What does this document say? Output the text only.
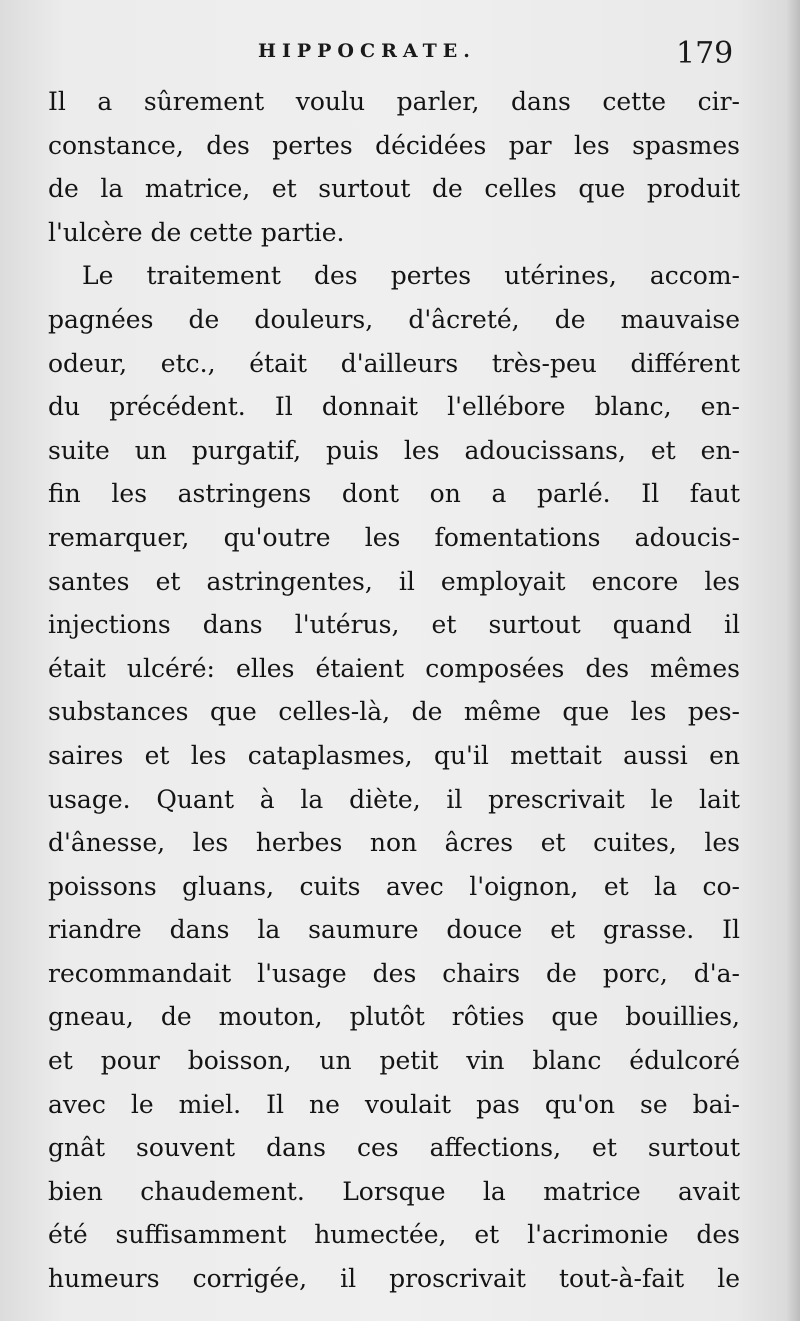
HIPPOCRATE.	179
Il a sûrement voulu parler, dans cette cir-
constance, des pertes décidées par les spasmes
de la matrice, et surtout de celles que produit
l'ulcère de cette partie.
Le traitement des pertes utérines, accom-
pagnées de douleurs, d'âcreté, de mauvaise
odeur, etc., était d'ailleurs très-peu différent
du précédent. Il donnait l'ellébore blanc, en-
suite un purgatif, puis les adoucissans, et en-
fin les astringens dont on a parlé. Il faut
remarquer, qu'outre les fomentations adoucis-
santes et astringentes, il employait encore les
injections dans l'utérus, et surtout quand il
était ulcéré: elles étaient composées des mêmes
substances que celles-là, de même que les pes-
saires et les cataplasmes, qu'il mettait aussi en
usage. Quant à la diète, il prescrivait le lait
d'ânesse, les herbes non âcres et cuites, les
poissons gluans, cuits avec l'oignon, et la co-
riandre dans la saumure douce et grasse. Il
recommandait l'usage des chairs de porc, d'a-
gneau, de mouton, plutôt rôties que bouillies,
et pour boisson, un petit vin blanc édulcoré
avec le miel. Il ne voulait pas qu'on se bai-
gnât souvent dans ces affections, et surtout
bien chaudement. Lorsque la matrice avait
été suffisamment humectée, et l'acrimonie des
humeurs corrigée, il proscrivait tout-à-fait le
